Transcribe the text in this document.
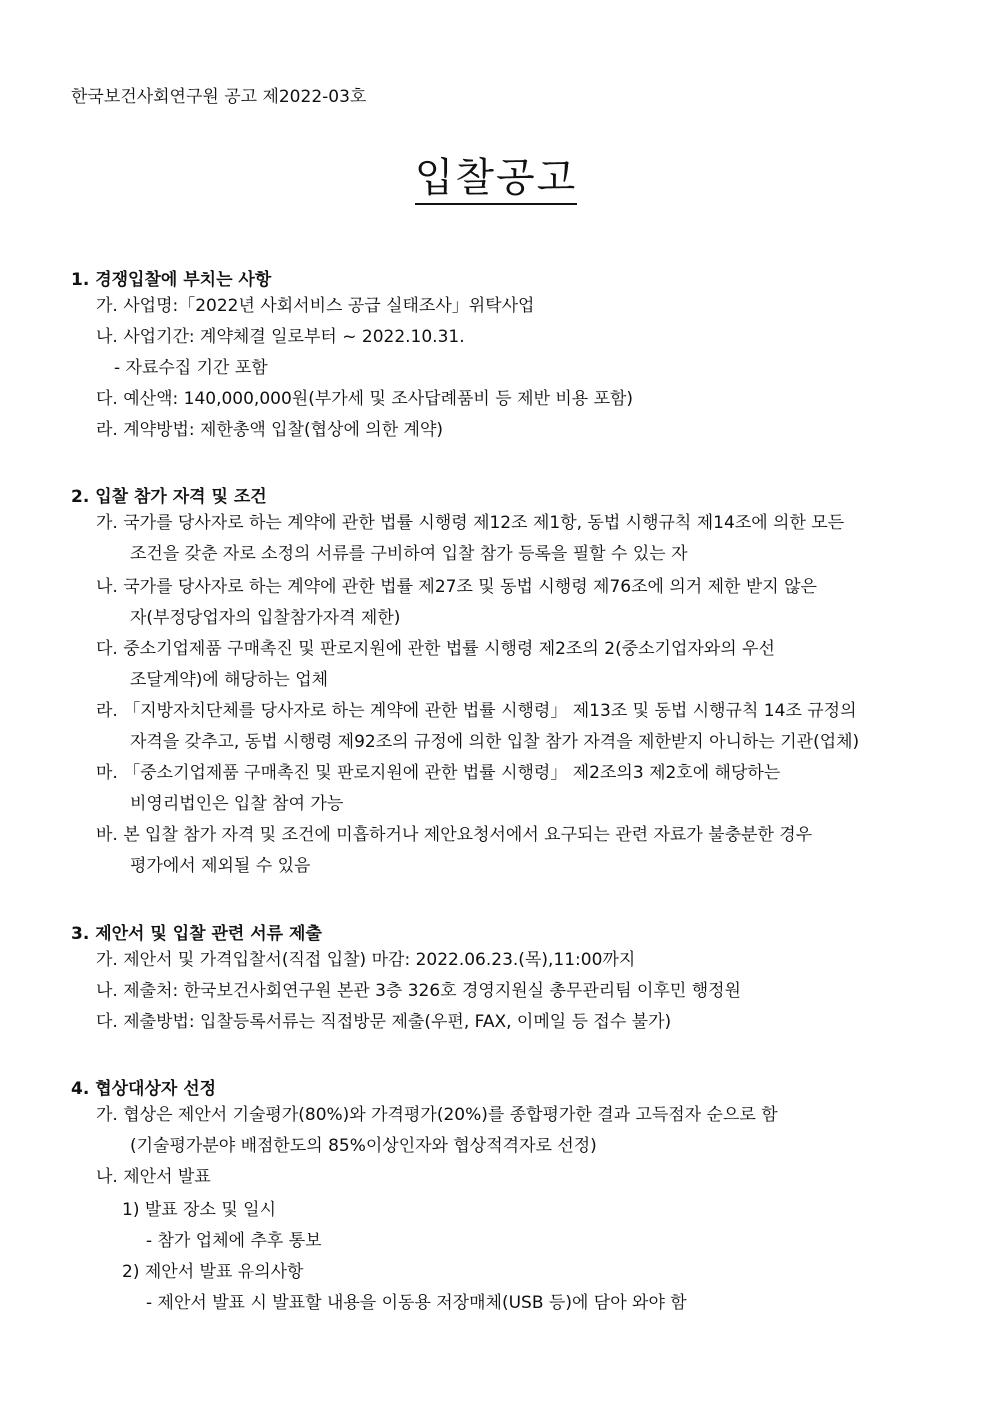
한국보건사회연구원 공고 제2022-03호
입찰공고
1. 경쟁입찰에 부치는 사항
가. 사업명:「2022년 사회서비스 공급 실태조사」위탁사업
나. 사업기간: 계약체결 일로부터 ~ 2022.10.31.
- 자료수집 기간 포함
다. 예산액: 140,000,000원(부가세 및 조사답례품비 등 제반 비용 포함)
라. 계약방법: 제한총액 입찰(협상에 의한 계약)
2. 입찰 참가 자격 및 조건
가. 국가를 당사자로 하는 계약에 관한 법률 시행령 제12조 제1항, 동법 시행규칙 제14조에 의한 모든
조건을 갖춘 자로 소정의 서류를 구비하여 입찰 참가 등록을 필할 수 있는 자
나. 국가를 당사자로 하는 계약에 관한 법률 제27조 및 동법 시행령 제76조에 의거 제한 받지 않은
자(부정당업자의 입찰참가자격 제한)
다. 중소기업제품 구매촉진 및 판로지원에 관한 법률 시행령 제2조의 2(중소기업자와의 우선
조달계약)에 해당하는 업체
라. 「지방자치단체를 당사자로 하는 계약에 관한 법률 시행령」 제13조 및 동법 시행규칙 14조 규정의
자격을 갖추고, 동법 시행령 제92조의 규정에 의한 입찰 참가 자격을 제한받지 아니하는 기관(업체)
마. 「중소기업제품 구매촉진 및 판로지원에 관한 법률 시행령」 제2조의3 제2호에 해당하는
비영리법인은 입찰 참여 가능
바. 본 입찰 참가 자격 및 조건에 미흡하거나 제안요청서에서 요구되는 관련 자료가 불충분한 경우
평가에서 제외될 수 있음
3. 제안서 및 입찰 관련 서류 제출
가. 제안서 및 가격입찰서(직접 입찰) 마감: 2022.06.23.(목),11:00까지
나. 제출처: 한국보건사회연구원 본관 3층 326호 경영지원실 총무관리팀 이후민 행정원
다. 제출방법: 입찰등록서류는 직접방문 제출(우편, FAX, 이메일 등 접수 불가)
4. 협상대상자 선정
가. 협상은 제안서 기술평가(80%)와 가격평가(20%)를 종합평가한 결과 고득점자 순으로 함
(기술평가분야 배점한도의 85%이상인자와 협상적격자로 선정)
나. 제안서 발표
1) 발표 장소 및 일시
- 참가 업체에 추후 통보
2) 제안서 발표 유의사항
- 제안서 발표 시 발표할 내용을 이동용 저장매체(USB 등)에 담아 와야 함
